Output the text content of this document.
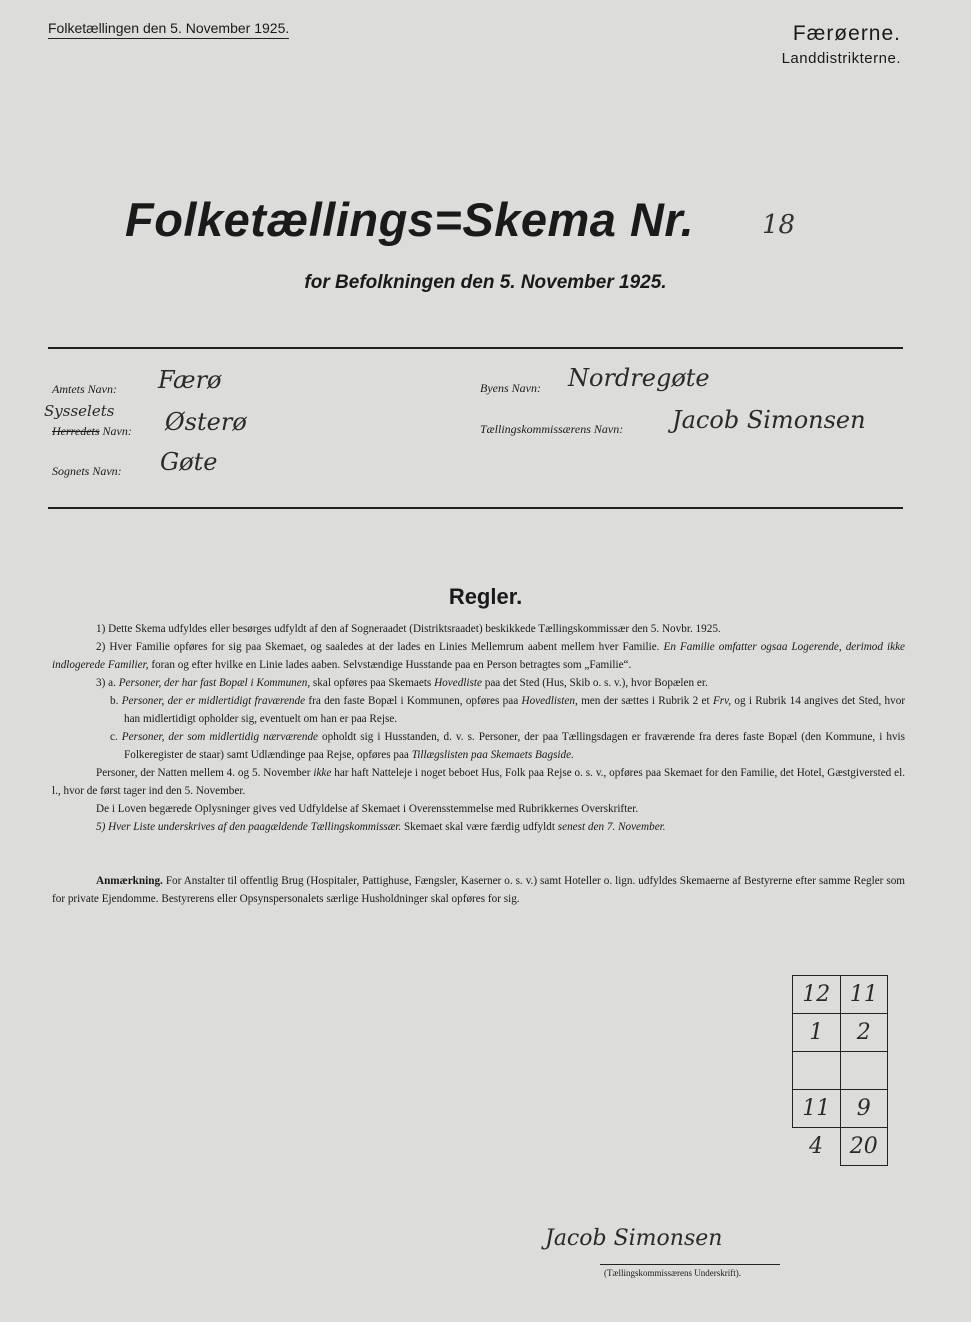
Folketællingen den 5. November 1925.	Færøerne.
Landdistrikterne.
Folketællings=Skema Nr.	18
for Befolkningen den 5. November 1925.
Amtets Navn: Færø
Sysselets
Herredets Navn: Østerø
Sognets Navn: Gøte
Byens Navn: Nordregøte
Tællingskommissærens Navn: Jacob Simonsen
Regler.

1) Dette Skema udfyldes eller besørges udfyldt af den af Sogneraadet (Distriktsraadet) beskikkede Tællingskommissær den 5. Novbr. 1925.

2) Hver Familie opføres for sig paa Skemaet, og saaledes at der lades en Linies Mellemrum aabent mellem hver Familie. En Familie omfatter ogsaa Logerende, derimod ikke indlogerede Familier, foran og efter hvilke en Linie lades aaben. Selvstændige Husstande paa en Person betragtes som „Familie“.

3) a. Personer, der har fast Bopæl i Kommunen, skal opføres paa Skemaets Hovedliste paa det Sted (Hus, Skib o. s. v.), hvor Bopælen er.

b. Personer, der er midlertidigt fraværende fra den faste Bopæl i Kommunen, opføres paa Hovedlisten, men der sættes i Rubrik 2 et Frv, og i Rubrik 14 angives det Sted, hvor han midlertidigt opholder sig, eventuelt om han er paa Rejse.

c. Personer, der som midlertidig nærværende opholdt sig i Husstanden, d. v. s. Personer, der paa Tællingsdagen er fraværende fra deres faste Bopæl (den Kommune, i hvis Folkeregister de staar) samt Udlændinge paa Rejse, opføres paa Tillægslisten paa Skemaets Bagside.

Personer, der Natten mellem 4. og 5. November ikke har haft Natteleje i noget beboet Hus, Folk paa Rejse o. s. v., opføres paa Skemaet for den Familie, det Hotel, Gæstgiversted el. l., hvor de først tager ind den 5. November.

De i Loven begærede Oplysninger gives ved Udfyldelse af Skemaet i Overensstemmelse med Rubrikkernes Overskrifter.

5) Hver Liste underskrives af den paagældende Tællingskommissær. Skemaet skal være færdig udfyldt senest den 7. November.

Anmærkning. For Anstalter til offentlig Brug (Hospitaler, Pattighuse, Fængsler, Kaserner o. s. v.) samt Hoteller o. lign. udfyldes Skemaerne af Bestyrerne efter samme Regler som for private Ejendomme. Bestyrerens eller Opsynspersonalets særlige Husholdninger skal opføres for sig.

12	11
1	2

11	9
4	20
Jacob Simonsen
(Tællingskommissærens Underskrift).
